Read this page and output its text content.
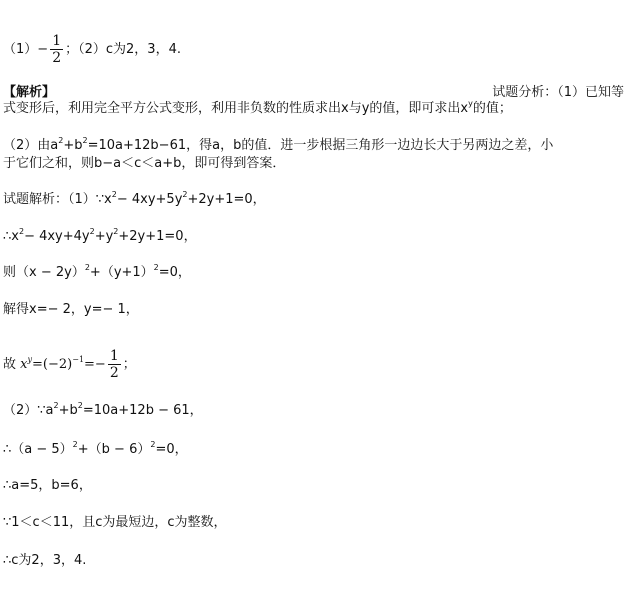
$(1)- \frac{1}{2}$ ；（2）c为2，3，4.
【解析】	试题分析：（1）已知等
式变形后，利用完全平方公式变形，利用非负数的性质求出x与y的值，即可求出$x^y$的值；
（2）由$a^2+b^2=10a+12b-61$，得a，b的值．进一步根据三角形一边边长大于另两边之差，小
于它们之和，则b−a＜c＜a+b，即可得到答案．
试题解析：$(1)\because x^2- 4xy+5y^2+2y+1=0$，
$\therefore x^2- 4xy+4y^2+y^2+2y+1=0$，
则$(x - 2y)^2+(y+1)^2=0$，
解得x=− 2，y=− 1，
故 $x^y=(-2)^{-1}=- \frac{1}{2}$ ；
$(2)\because a^2+b^2=10a+12b - 61$，
∴（a − $5)^2+(b - 6)^2=0$，
∴a=5，b=6，
∵1＜c＜11，且c为最短边，c为整数，
∴c为2，3，4.
